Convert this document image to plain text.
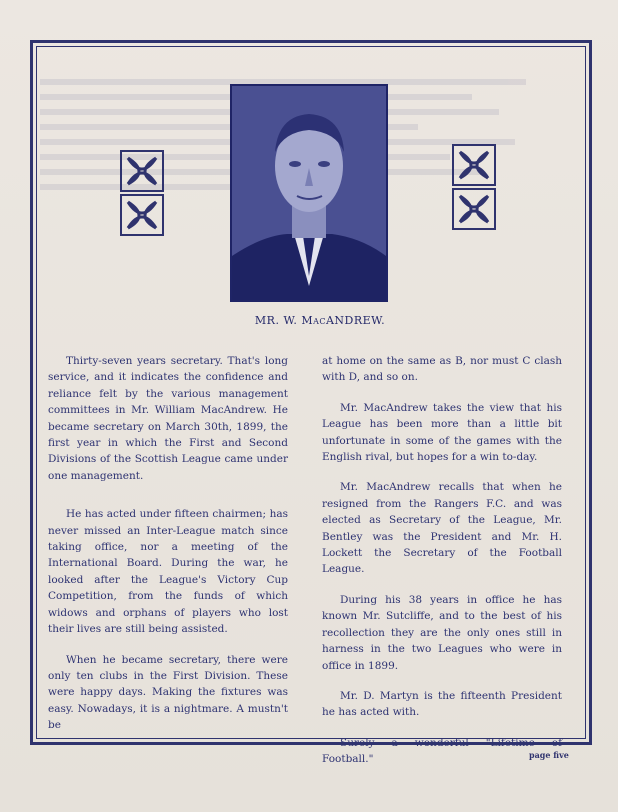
MR. W. MacANDREW.

Thirty-seven years secretary. That's long service, and it indicates the confidence and reliance felt by the various management committees in Mr. William MacAndrew. He became secretary on March 30th, 1899, the first year in which the First and Second Divisions of the Scottish League came under one management.

He has acted under fifteen chairmen; has never missed an Inter-League match since taking office, nor a meeting of the International Board. During the war, he looked after the League's Victory Cup Competition, from the funds of which widows and orphans of players who lost their lives are still being assisted.

When he became secretary, there were only ten clubs in the First Division. These were happy days. Making the fixtures was easy. Nowadays, it is a nightmare. A mustn't be

at home on the same as B, nor must C clash with D, and so on.

Mr. MacAndrew takes the view that his League has been more than a little bit unfortunate in some of the games with the English rival, but hopes for a win to-day.

Mr. MacAndrew recalls that when he resigned from the Rangers F.C. and was elected as Secretary of the League, Mr. Bentley was the President and Mr. H. Lockett the Secretary of the Football League.

During his 38 years in office he has known Mr. Sutcliffe, and to the best of his recollection they are the only ones still in harness in the two Leagues who were in office in 1899.

Mr. D. Martyn is the fifteenth President he has acted with.

Surely a wonderful "Lifetime of Football."	page five
